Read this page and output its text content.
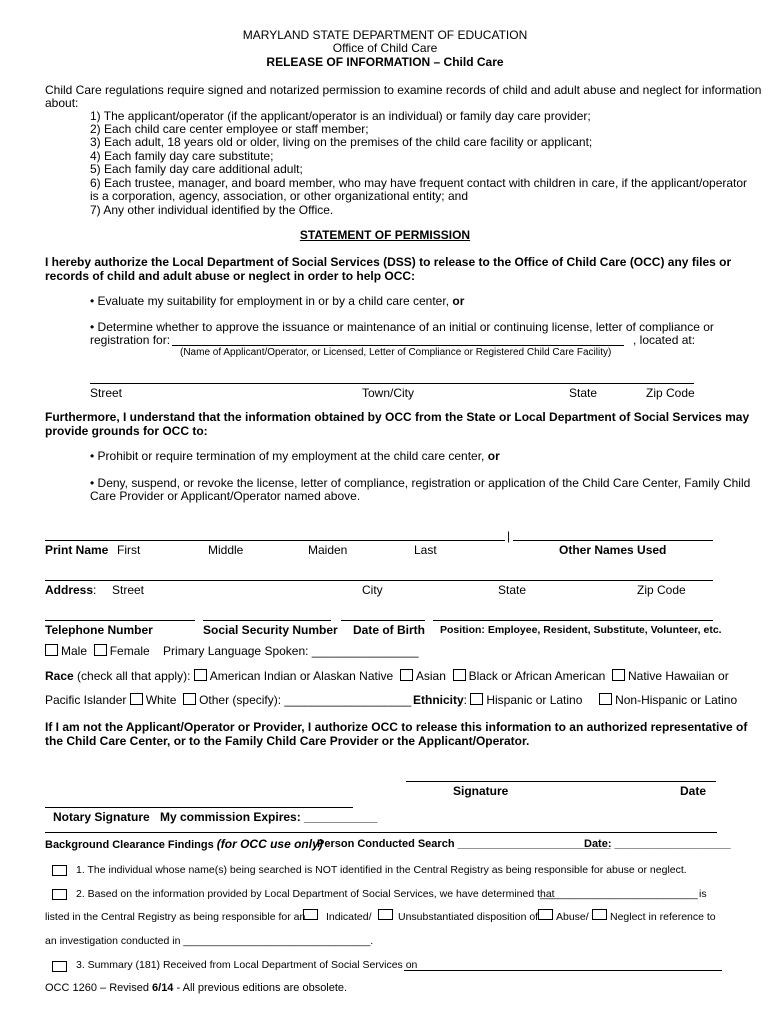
MARYLAND STATE DEPARTMENT OF EDUCATION
Office of Child Care
RELEASE OF INFORMATION – Child Care
Child Care regulations require signed and notarized permission to examine records of child and adult abuse and neglect for information
about:
1) The applicant/operator (if the applicant/operator is an individual) or family day care provider;
2) Each child care center employee or staff member;
3) Each adult, 18 years old or older, living on the premises of the child care facility or applicant;
4) Each family day care substitute;
5) Each family day care additional adult;
6) Each trustee, manager, and board member, who may have frequent contact with children in care, if the applicant/operator
is a corporation, agency, association, or other organizational entity; and
7) Any other individual identified by the Office.
STATEMENT OF PERMISSION
I hereby authorize the Local Department of Social Services (DSS) to release to the Office of Child Care (OCC) any files or
records of child and adult abuse or neglect in order to help OCC:
• Evaluate my suitability for employment in or by a child care center, or
• Determine whether to approve the issuance or maintenance of an initial or continuing license, letter of compliance or
registration for:	, located at:
(Name of Applicant/Operator, or Licensed, Letter of Compliance or Registered Child Care Facility)
Street	Town/City	State	Zip Code
Furthermore, I understand that the information obtained by OCC from the State or Local Department of Social Services may
provide grounds for OCC to:
• Prohibit or require termination of my employment at the child care center, or
• Deny, suspend, or revoke the license, letter of compliance, registration or application of the Child Care Center, Family Child
Care Provider or Applicant/Operator named above.
|
Print Name First	Middle	Maiden	Last	Other Names Used
Address: Street	City	State	Zip Code
Telephone Number	Social Security Number Date of Birth Position: Employee, Resident, Substitute, Volunteer, etc.
Male Female Primary Language Spoken: ________________
Race (check all that apply): American Indian or Alaskan Native Asian Black or African American Native Hawaiian or
Pacific Islander White Other (specify): ___________________ Ethnicity: Hispanic or Latino	Non-Hispanic or Latino
If I am not the Applicant/Operator or Provider, I authorize OCC to release this information to an authorized representative of
the Child Care Center, or to the Family Child Care Provider or the Applicant/Operator.
Signature	Date
Notary Signature My commission Expires: ___________
Background Clearance Findings (for OCC use only)
Person Conducted Search _________________________
Date: ___________________
1. The individual whose name(s) being searched is NOT identified in the Central Registry as being responsible for abuse or neglect.
2. Based on the information provided by Local Department of Social Services, we have determined that
___________________________ is
listed in the Central Registry as being responsible for an Indicated/	Unsubstantiated disposition of Abuse/ Neglect in reference to
an investigation conducted in ________________________________.
3. Summary (181) Received from Local Department of Social Services on
OCC 1260 – Revised 6/14 - All previous editions are obsolete.
